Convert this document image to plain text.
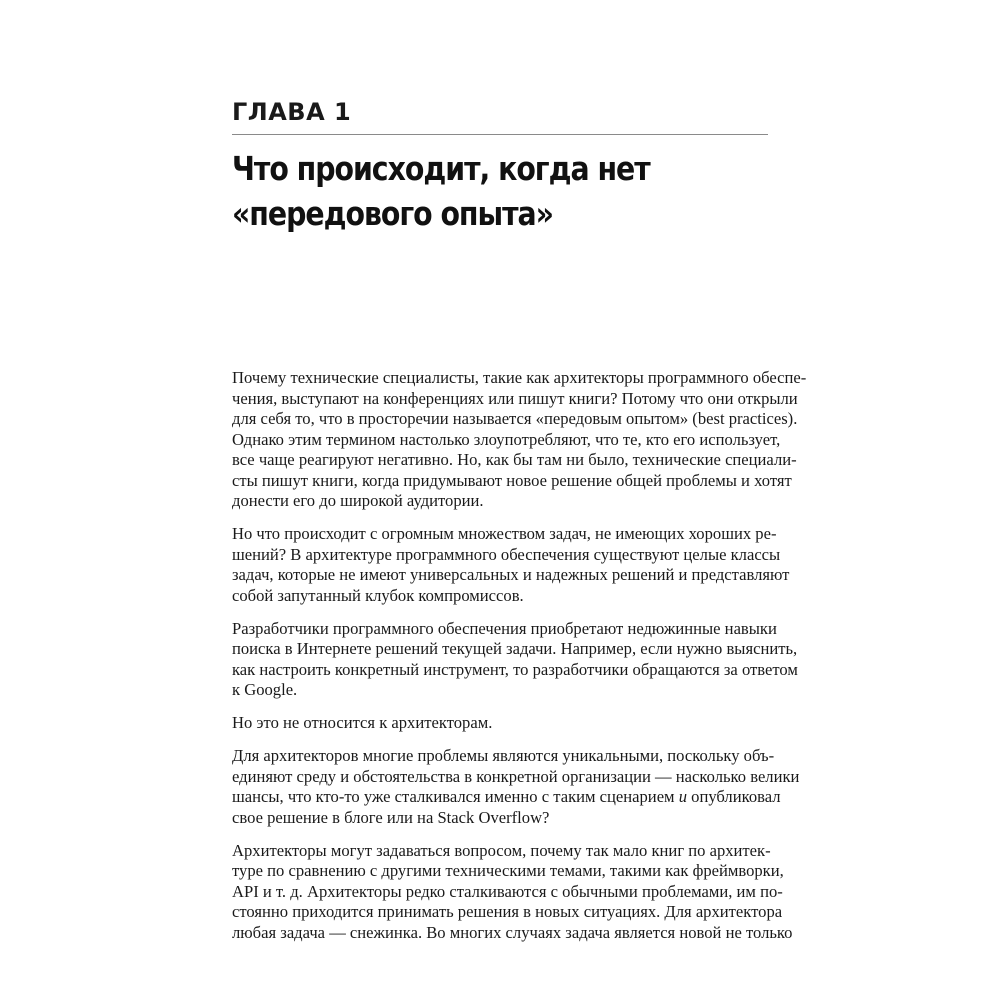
ГЛАВА 1
Что происходит, когда нет
«передового опыта»

Почему технические специалисты, такие как архитекторы программного обеспе-
чения, выступают на конференциях или пишут книги? Потому что они открыли
для себя то, что в просторечии называется «передовым опытом» (best practices).
Однако этим термином настолько злоупотребляют, что те, кто его использует,
все чаще реагируют негативно. Но, как бы там ни было, технические специали-
сты пишут книги, когда придумывают новое решение общей проблемы и хотят
донести его до широкой аудитории.

Но что происходит с огромным множеством задач, не имеющих хороших ре-
шений? В архитектуре программного обеспечения существуют целые классы
задач, которые не имеют универсальных и надежных решений и представляют
собой запутанный клубок компромиссов.

Разработчики программного обеспечения приобретают недюжинные навыки
поиска в Интернете решений текущей задачи. Например, если нужно выяснить,
как настроить конкретный инструмент, то разработчики обращаются за ответом
к Google.

Но это не относится к архитекторам.

Для архитекторов многие проблемы являются уникальными, поскольку объ-
единяют среду и обстоятельства в конкретной организации — насколько велики
шансы, что кто-то уже сталкивался именно с таким сценарием и опубликовал
свое решение в блоге или на Stack Overflow?

Архитекторы могут задаваться вопросом, почему так мало книг по архитек-
туре по сравнению с другими техническими темами, такими как фреймворки,
API и т. д. Архитекторы редко сталкиваются с обычными проблемами, им по-
стоянно приходится принимать решения в новых ситуациях. Для архитектора
любая задача — снежинка. Во многих случаях задача является новой не только
